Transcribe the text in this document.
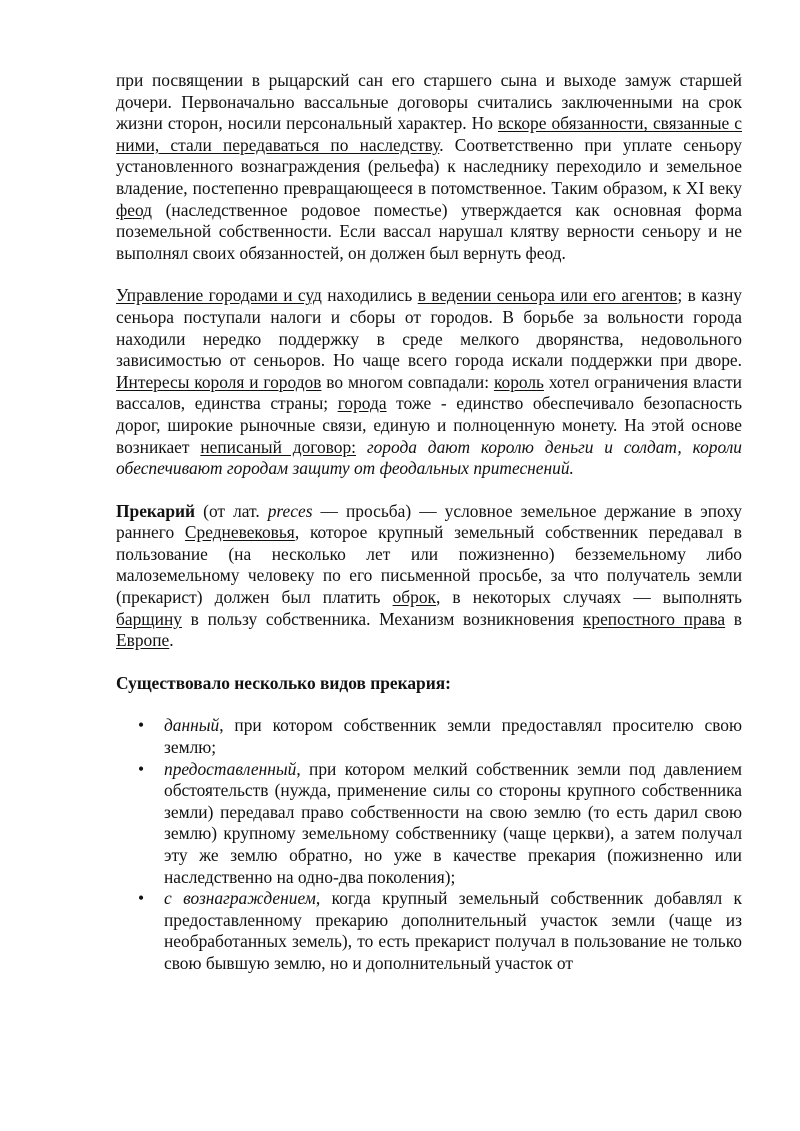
при посвящении в рыцарский сан его старшего сына и выходе замуж старшей дочери. Первоначально вассальные договоры считались заключенными на срок жизни сторон, носили персональный характер. Но вскоре обязанности, связанные с ними, стали передаваться по наследству. Соответственно при уплате сеньору установленного вознаграждения (рельефа) к наследнику переходило и земельное владение, постепенно превращающееся в потомственное. Таким образом, к XI веку феод (наследственное родовое поместье) утверждается как основная форма поземельной собственности. Если вассал нарушал клятву верности сеньору и не выполнял своих обязанностей, он должен был вернуть феод.

Управление городами и суд находились в ведении сеньора или его агентов; в казну сеньора поступали налоги и сборы от городов. В борьбе за вольности города находили нередко поддержку в среде мелкого дворянства, недовольного зависимостью от сеньоров. Но чаще всего города искали поддержки при дворе. Интересы короля и городов во многом совпадали: король хотел ограничения власти вассалов, единства страны; города тоже - единство обеспечивало безопасность дорог, широкие рыночные связи, единую и полноценную монету. На этой основе возникает неписаный договор: города дают королю деньги и солдат, короли обеспечивают городам защиту от феодальных притеснений.

Прекарий (от лат. preces — просьба) — условное земельное держание в эпоху раннего Средневековья, которое крупный земельный собственник передавал в пользование (на несколько лет или пожизненно) безземельному либо малоземельному человеку по его письменной просьбе, за что получатель земли (прекарист) должен был платить оброк, в некоторых случаях — выполнять барщину в пользу собственника. Механизм возникновения крепостного права в Европе.

Существовало несколько видов прекария:

• данный, при котором собственник земли предоставлял просителю свою землю;
• предоставленный, при котором мелкий собственник земли под давлением обстоятельств (нужда, применение силы со стороны крупного собственника земли) передавал право собственности на свою землю (то есть дарил свою землю) крупному земельному собственнику (чаще церкви), а затем получал эту же землю обратно, но уже в качестве прекария (пожизненно или наследственно на одно-два поколения);
• с вознаграждением, когда крупный земельный собственник добавлял к предоставленному прекарию дополнительный участок земли (чаще из необработанных земель), то есть прекарист получал в пользование не только свою бывшую землю, но и дополнительный участок от
